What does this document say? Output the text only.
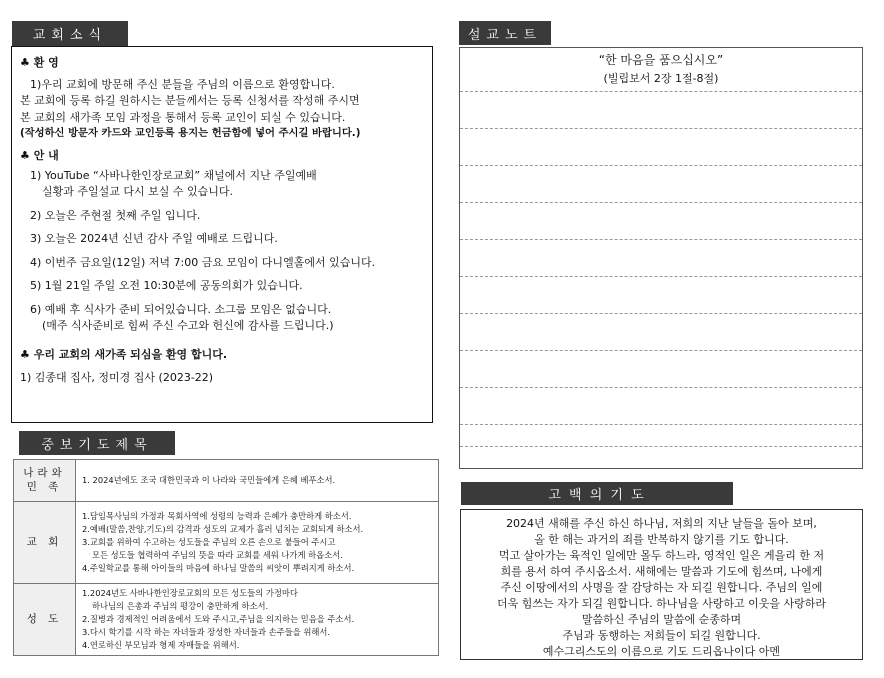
교회소식
중보기도제목
설교노트
고 백 의 기 도
♣ 환 영
1)우리 교회에 방문해 주신 분들을 주님의 이름으로 환영합니다.
본 교회에 등록 하길 원하시는 분들께서는 등록 신청서를 작성해 주시면
본 교회의 새가족 모임 과정을 통해서 등록 교인이 되실 수 있습니다.
(작성하신 방문자 카드와 교인등록 용지는 헌금함에 넣어 주시길 바랍니다.)
♣ 안 내
1) YouTube “사바나한인장로교회” 채널에서 지난 주일예배
실황과 주일설교 다시 보실 수 있습니다.
2) 오늘은 주현절 첫째 주일 입니다.
3) 오늘은 2024년 신년 감사 주일 예배로 드립니다.
4) 이번주 금요일(12일) 저녁 7:00 금요 모임이 다니엘홀에서 있습니다.
5) 1월 21일 주일 오전 10:30분에 공동의회가 있습니다.
6) 예배 후 식사가 준비 되어있습니다. 소그룹 모임은 없습니다.
(매주 식사준비로 힘써 주신 수고와 헌신에 감사를 드립니다.)
♣ 우리 교회의 새가족 되심을 환영 합니다.
1) 김종대 집사, 정미경 집사 (2023-22)
나라와
민 족	1. 2024년에도 조국 대한민국과 이 나라와 국민들에게 은혜 베푸소서.

교 회	1.담임목사님의 가정과 목회사역에 성령의 능력과 은혜가 충만하게 하소서.
2.예배(말씀,찬양,기도)의 감격과 성도의 교제가 흘러 넘치는 교회되게 하소서.
3.교회를 위하여 수고하는 성도들을 주님의 오른 손으로 붙들어 주시고
모든 성도들 협력하여 주님의 뜻을 따라 교회를 세워 나가게 하옵소서.
4.주일학교를 통해 아이들의 마음에 하나님 말씀의 씨앗이 뿌려지게 하소서.

성 도	1.2024년도 사바나한인장로교회의 모든 성도들의 가정마다
하나님의 은총과 주님의 평강이 충만하게 하소서.
2.질병과 경제적인 어려움에서 도와 주시고,주님을 의지하는 믿음을 주소서.
3.다시 학기를 시작 하는 자녀들과 장성한 자녀들과 손주들을 위해서.
4.연로하신 부모님과 형제 자매들을 위해서.
“한 마음을 품으십시오”
(빌립보서 2장 1절-8절)
2024년 새해를 주신 하신 하나님, 저희의 지난 날들을 돌아 보며,
올 한 해는 과거의 죄를 반복하지 않기를 기도 합니다.
먹고 살아가는 육적인 일에만 몰두 하느라, 영적인 일은 게을리 한 저
희를 용서 하여 주시옵소서. 새해에는 말씀과 기도에 힘쓰며, 나에게
주신 이땅에서의 사명을 잘 감당하는 자 되길 원합니다. 주님의 일에
더욱 힘쓰는 자가 되길 원합니다. 하나님을 사랑하고 이웃을 사랑하라
말씀하신 주님의 말씀에 순종하며
주님과 동행하는 저희들이 되길 원합니다.
예수그리스도의 이름으로 기도 드리옵나이다 아멘
